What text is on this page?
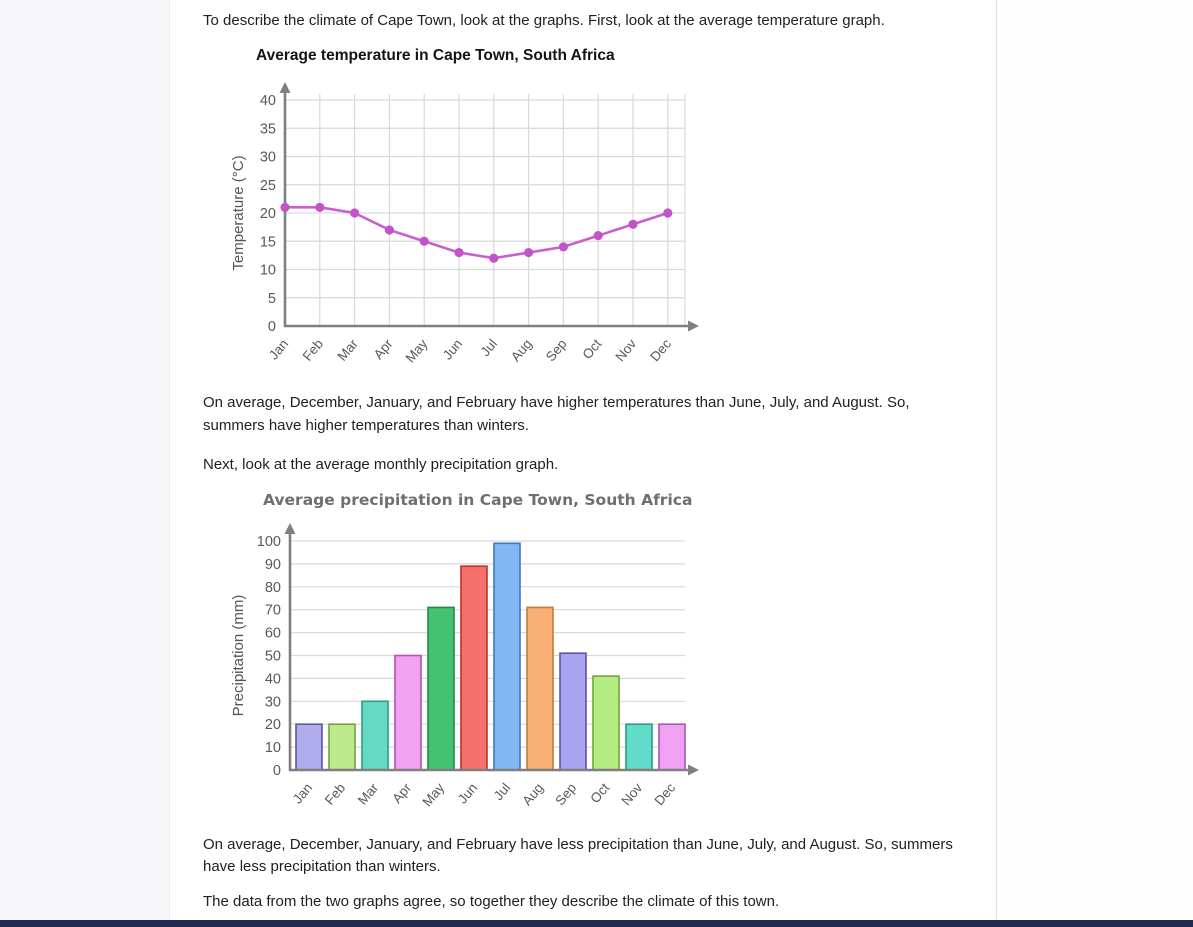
To describe the climate of Cape Town, look at the graphs. First, look at the average temperature graph.

Average temperature in Cape Town, South Africa
0
5
10
15
20
25
30
35
40
Jan Feb Mar Apr May Jun Jul Aug Sep Oct Nov Dec
Temperature (°C)

On average, December, January, and February have higher temperatures than June, July, and August. So, summers have higher temperatures than winters.

Next, look at the average monthly precipitation graph.

Average precipitation in Cape Town, South Africa
0
10
20
30
40
50
60
70
80
90
100
Jan Feb Mar Apr May Jun Jul Aug Sep Oct Nov Dec
Precipitation (mm)

On average, December, January, and February have less precipitation than June, July, and August. So, summers have less precipitation than winters.

The data from the two graphs agree, so together they describe the climate of this town.
